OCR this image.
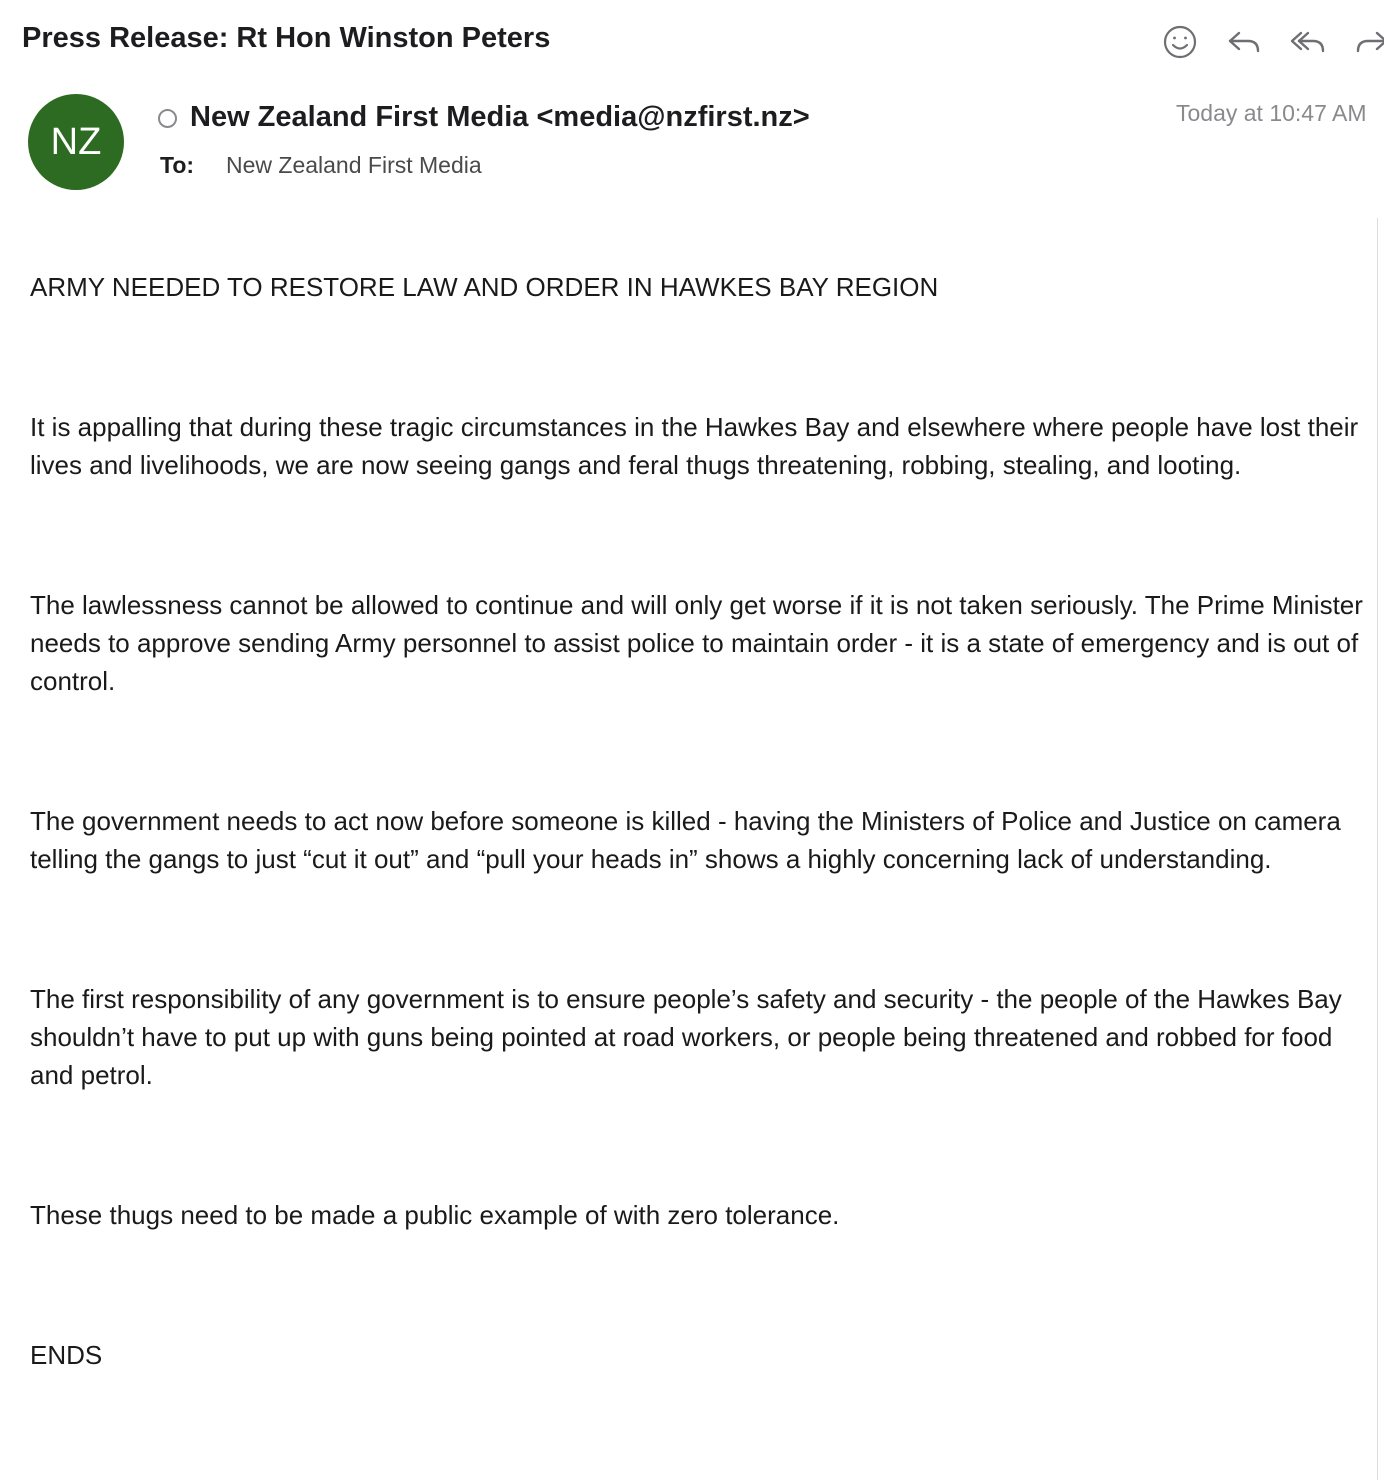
Press Release: Rt Hon Winston Peters
NZ
New Zealand First Media <media@nzfirst.nz>
To: New Zealand First Media
Today at 10:47 AM

ARMY NEEDED TO RESTORE LAW AND ORDER IN HAWKES BAY REGION

It is appalling that during these tragic circumstances in the Hawkes Bay and elsewhere where people have lost their lives and livelihoods, we are now seeing gangs and feral thugs threatening, robbing, stealing, and looting.

The lawlessness cannot be allowed to continue and will only get worse if it is not taken seriously. The Prime Minister needs to approve sending Army personnel to assist police to maintain order - it is a state of emergency and is out of control.

The government needs to act now before someone is killed - having the Ministers of Police and Justice on camera telling the gangs to just “cut it out” and “pull your heads in” shows a highly concerning lack of understanding.

The first responsibility of any government is to ensure people’s safety and security - the people of the Hawkes Bay shouldn’t have to put up with guns being pointed at road workers, or people being threatened and robbed for food and petrol.

These thugs need to be made a public example of with zero tolerance.

ENDS
